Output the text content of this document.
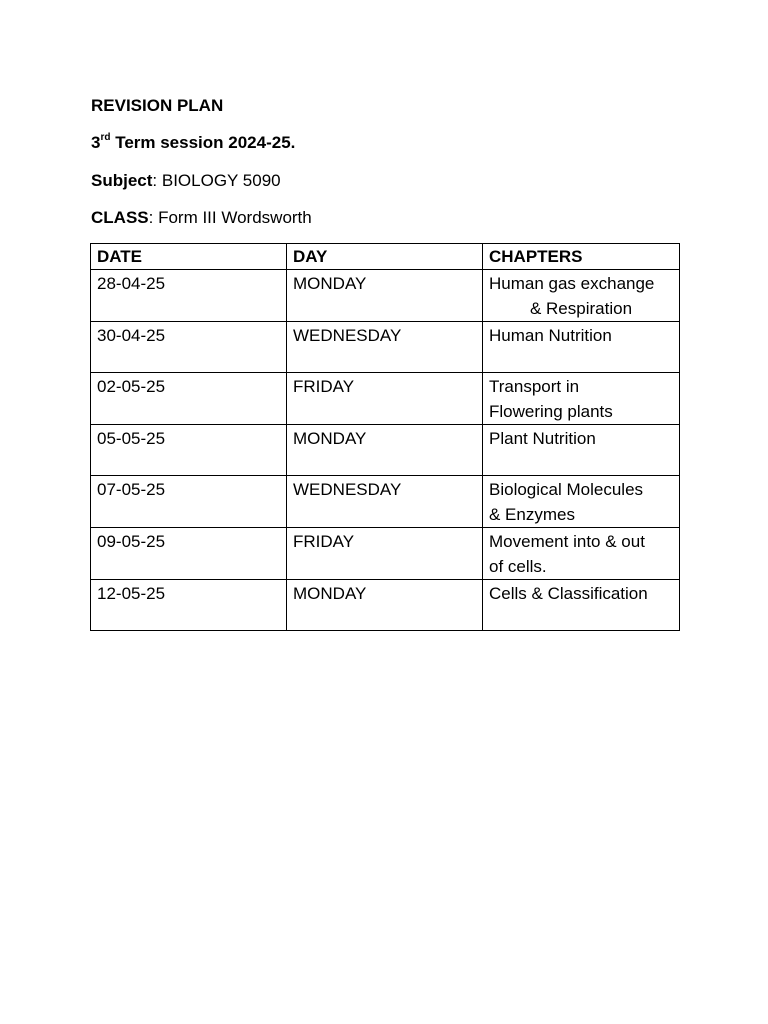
REVISION PLAN
3rd Term session 2024-25.
Subject: BIOLOGY 5090
CLASS: Form III Wordsworth
DATE	DAY	CHAPTERS
28-04-25	MONDAY	Human gas exchange

& Respiration

30-04-25	WEDNESDAY	Human Nutrition

02-05-25	FRIDAY	Transport in
Flowering plants
05-05-25	MONDAY	Plant Nutrition

07-05-25	WEDNESDAY	Biological Molecules
& Enzymes
09-05-25	FRIDAY	Movement into & out
of cells.
12-05-25	MONDAY	Cells & Classification
